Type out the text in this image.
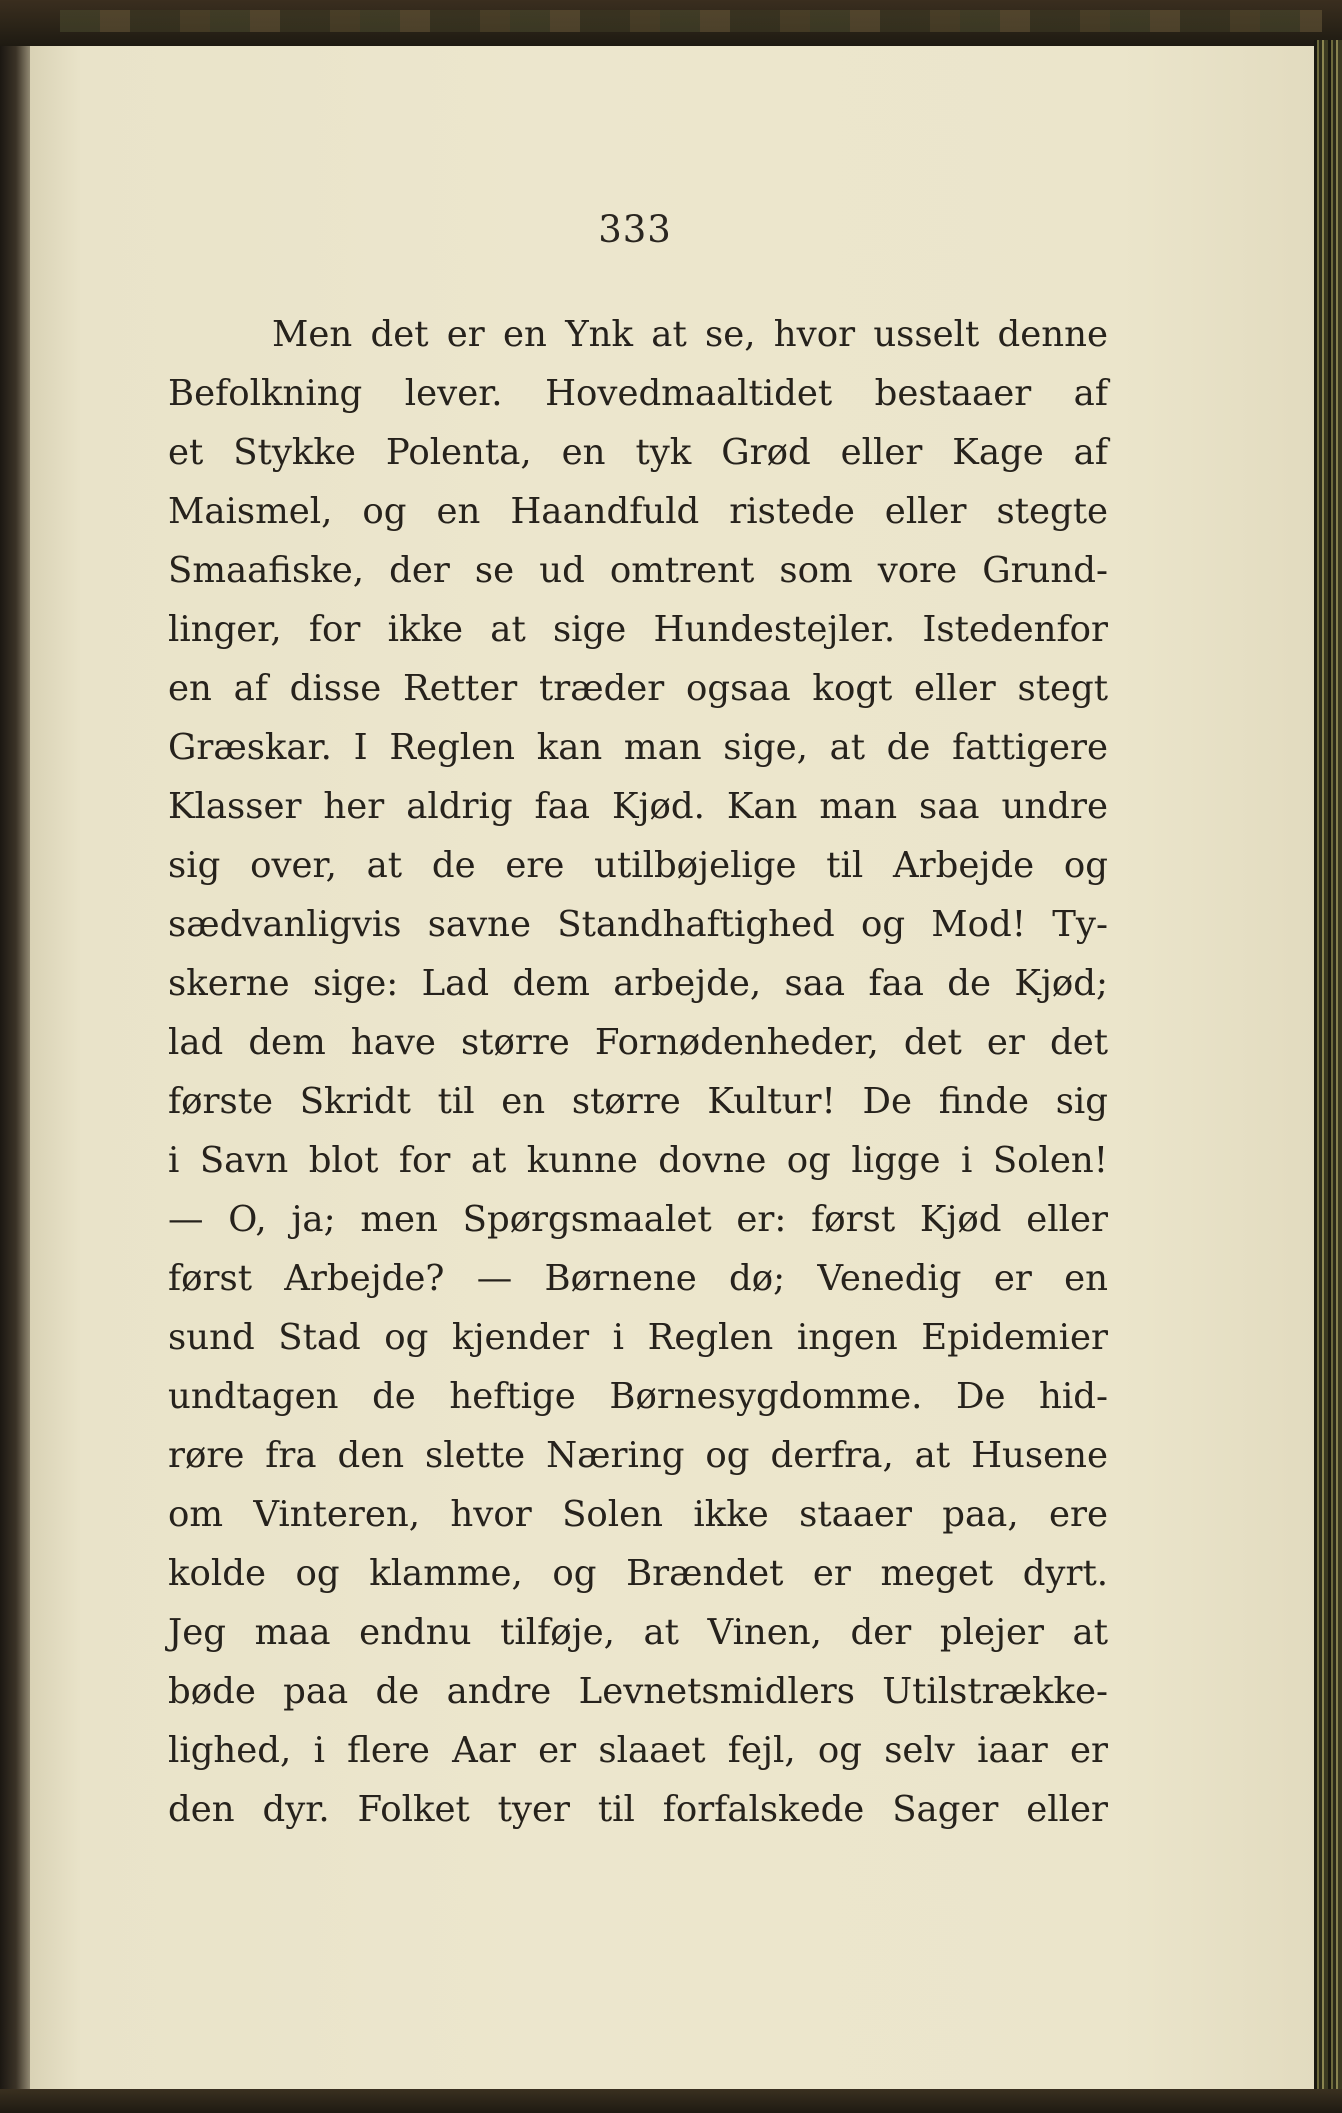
333
Men det er en Ynk at se, hvor usselt denne
Befolkning lever. Hovedmaaltidet bestaaer af
et Stykke Polenta, en tyk Grød eller Kage af
Maismel, og en Haandfuld ristede eller stegte
Smaafiske, der se ud omtrent som vore Grund-
linger, for ikke at sige Hundestejler. Istedenfor
en af disse Retter træder ogsaa kogt eller stegt
Græskar. I Reglen kan man sige, at de fattigere
Klasser her aldrig faa Kjød. Kan man saa undre
sig over, at de ere utilbøjelige til Arbejde og
sædvanligvis savne Standhaftighed og Mod! Ty-
skerne sige: Lad dem arbejde, saa faa de Kjød;
lad dem have større Fornødenheder, det er det
første Skridt til en større Kultur! De finde sig
i Savn blot for at kunne dovne og ligge i Solen!
— O, ja; men Spørgsmaalet er: først Kjød eller
først Arbejde? — Børnene dø; Venedig er en
sund Stad og kjender i Reglen ingen Epidemier
undtagen de heftige Børnesygdomme. De hid-
røre fra den slette Næring og derfra, at Husene
om Vinteren, hvor Solen ikke staaer paa, ere
kolde og klamme, og Brændet er meget dyrt.
Jeg maa endnu tilføje, at Vinen, der plejer at
bøde paa de andre Levnetsmidlers Utilstrække-
lighed, i flere Aar er slaaet fejl, og selv iaar er
den dyr. Folket tyer til forfalskede Sager eller
